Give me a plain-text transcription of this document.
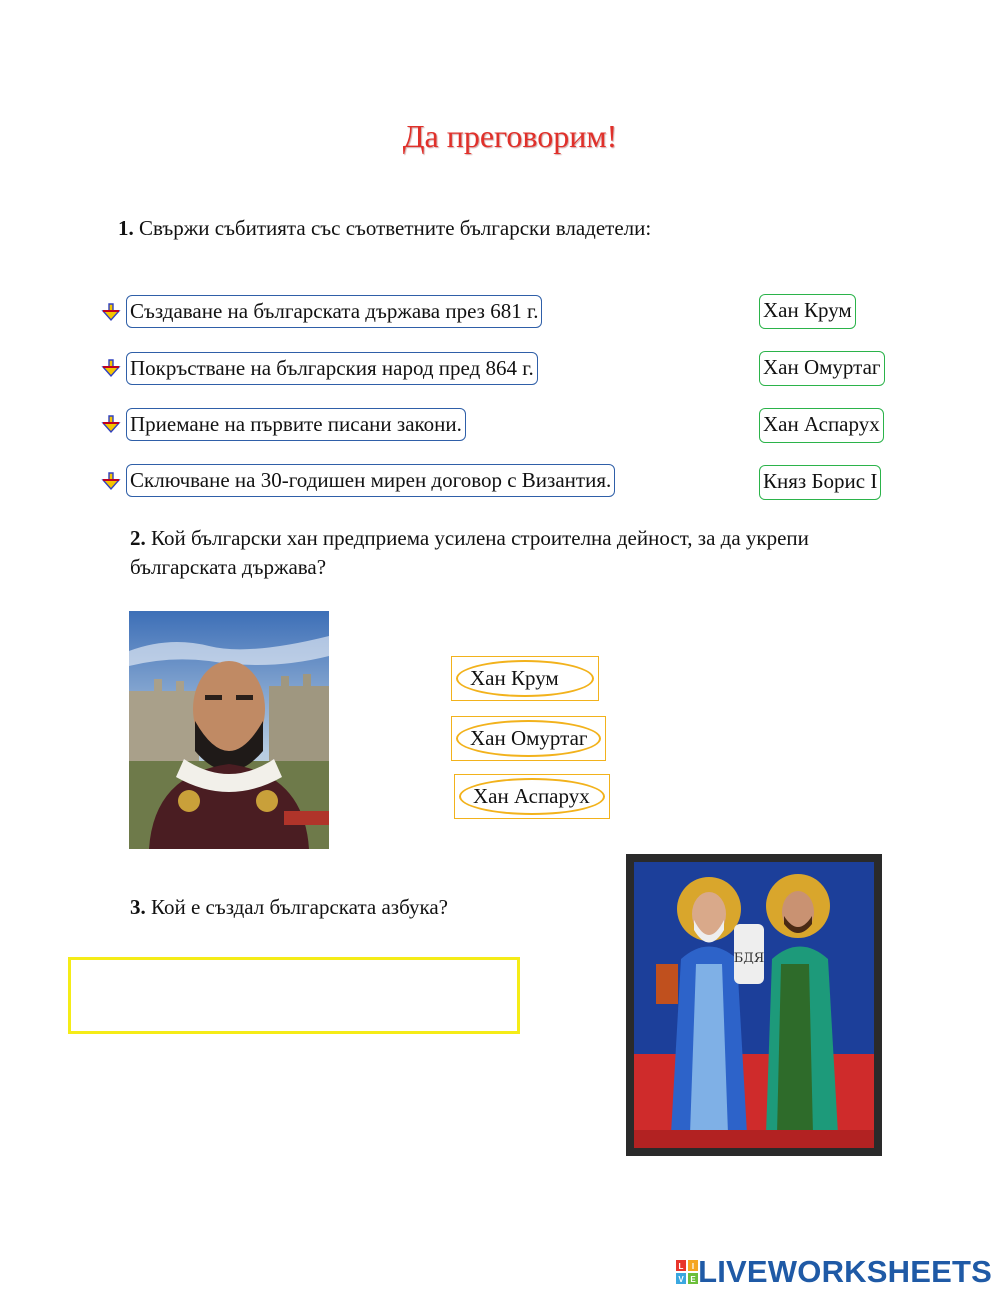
Да преговорим!
1. Свържи събитията със съответните български владетели:
Създаване на българската държава през 681 г.
Покръстване на българския народ пред 864 г.
Приемане на първите писани закони.
Сключване на 30-годишен мирен договор с Византия.
Хан Крум
Хан Омуртаг
Хан Аспарух
Княз Борис I
2. Кой български хан предприема усилена строителна дейност, за да укрепи българската държава?
Хан Крум
Хан Омуртаг
Хан Аспарух
3. Кой е създал българската азбука?
БДЯ
L I
V E LIVEWORKSHEETS
